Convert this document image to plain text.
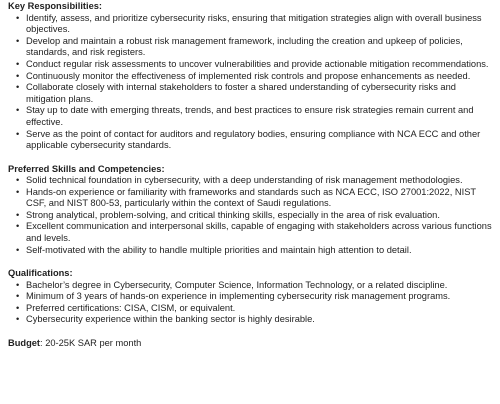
Key Responsibilities:
• Identify, assess, and prioritize cybersecurity risks, ensuring that mitigation strategies align with overall business objectives.
• Develop and maintain a robust risk management framework, including the creation and upkeep of policies, standards, and risk registers.
• Conduct regular risk assessments to uncover vulnerabilities and provide actionable mitigation recommendations.
• Continuously monitor the effectiveness of implemented risk controls and propose enhancements as needed.
• Collaborate closely with internal stakeholders to foster a shared understanding of cybersecurity risks and mitigation plans.
• Stay up to date with emerging threats, trends, and best practices to ensure risk strategies remain current and effective.
• Serve as the point of contact for auditors and regulatory bodies, ensuring compliance with NCA ECC and other applicable cybersecurity standards.
Preferred Skills and Competencies:
• Solid technical foundation in cybersecurity, with a deep understanding of risk management methodologies.
• Hands-on experience or familiarity with frameworks and standards such as NCA ECC, ISO 27001:2022, NIST CSF, and NIST 800-53, particularly within the context of Saudi regulations.
• Strong analytical, problem-solving, and critical thinking skills, especially in the area of risk evaluation.
• Excellent communication and interpersonal skills, capable of engaging with stakeholders across various functions and levels.
• Self-motivated with the ability to handle multiple priorities and maintain high attention to detail.
Qualifications:
• Bachelor’s degree in Cybersecurity, Computer Science, Information Technology, or a related discipline.
• Minimum of 3 years of hands-on experience in implementing cybersecurity risk management programs.
• Preferred certifications: CISA, CISM, or equivalent.
• Cybersecurity experience within the banking sector is highly desirable.

Budget: 20-25K SAR per month
